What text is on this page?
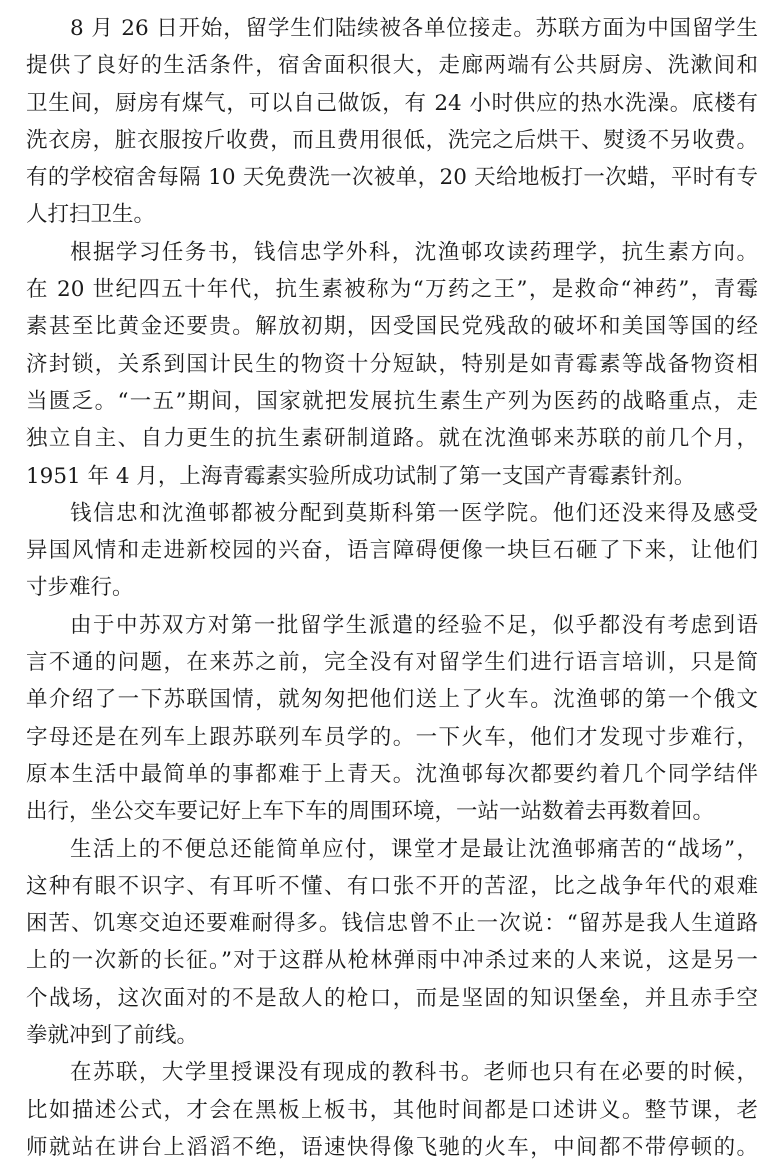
8 月 26 日开始，留学生们陆续被各单位接走。苏联方面为中国留学生
提供了良好的生活条件，宿舍面积很大，走廊两端有公共厨房、洗漱间和
卫生间，厨房有煤气，可以自己做饭，有 24 小时供应的热水洗澡。底楼有
洗衣房，脏衣服按斤收费，而且费用很低，洗完之后烘干、熨烫不另收费。
有的学校宿舍每隔 10 天免费洗一次被单，20 天给地板打一次蜡，平时有专
人打扫卫生。
根据学习任务书，钱信忠学外科，沈渔邨攻读药理学，抗生素方向。
在 20 世纪四五十年代，抗生素被称为“万药之王”，是救命“神药”，青霉
素甚至比黄金还要贵。解放初期，因受国民党残敌的破坏和美国等国的经
济封锁，关系到国计民生的物资十分短缺，特别是如青霉素等战备物资相
当匮乏。“一五”期间，国家就把发展抗生素生产列为医药的战略重点，走
独立自主、自力更生的抗生素研制道路。就在沈渔邨来苏联的前几个月，
1951 年 4 月，上海青霉素实验所成功试制了第一支国产青霉素针剂。
钱信忠和沈渔邨都被分配到莫斯科第一医学院。他们还没来得及感受
异国风情和走进新校园的兴奋，语言障碍便像一块巨石砸了下来，让他们
寸步难行。
由于中苏双方对第一批留学生派遣的经验不足，似乎都没有考虑到语
言不通的问题，在来苏之前，完全没有对留学生们进行语言培训，只是简
单介绍了一下苏联国情，就匆匆把他们送上了火车。沈渔邨的第一个俄文
字母还是在列车上跟苏联列车员学的。一下火车，他们才发现寸步难行，
原本生活中最简单的事都难于上青天。沈渔邨每次都要约着几个同学结伴
出行，坐公交车要记好上车下车的周围环境，一站一站数着去再数着回。
生活上的不便总还能简单应付，课堂才是最让沈渔邨痛苦的“战场”，
这种有眼不识字、有耳听不懂、有口张不开的苦涩，比之战争年代的艰难
困苦、饥寒交迫还要难耐得多。钱信忠曾不止一次说：“留苏是我人生道路
上的一次新的长征。”对于这群从枪林弹雨中冲杀过来的人来说，这是另一
个战场，这次面对的不是敌人的枪口，而是坚固的知识堡垒，并且赤手空
拳就冲到了前线。
在苏联，大学里授课没有现成的教科书。老师也只有在必要的时候，
比如描述公式，才会在黑板上板书，其他时间都是口述讲义。整节课，老
师就站在讲台上滔滔不绝，语速快得像飞驰的火车，中间都不带停顿的。
